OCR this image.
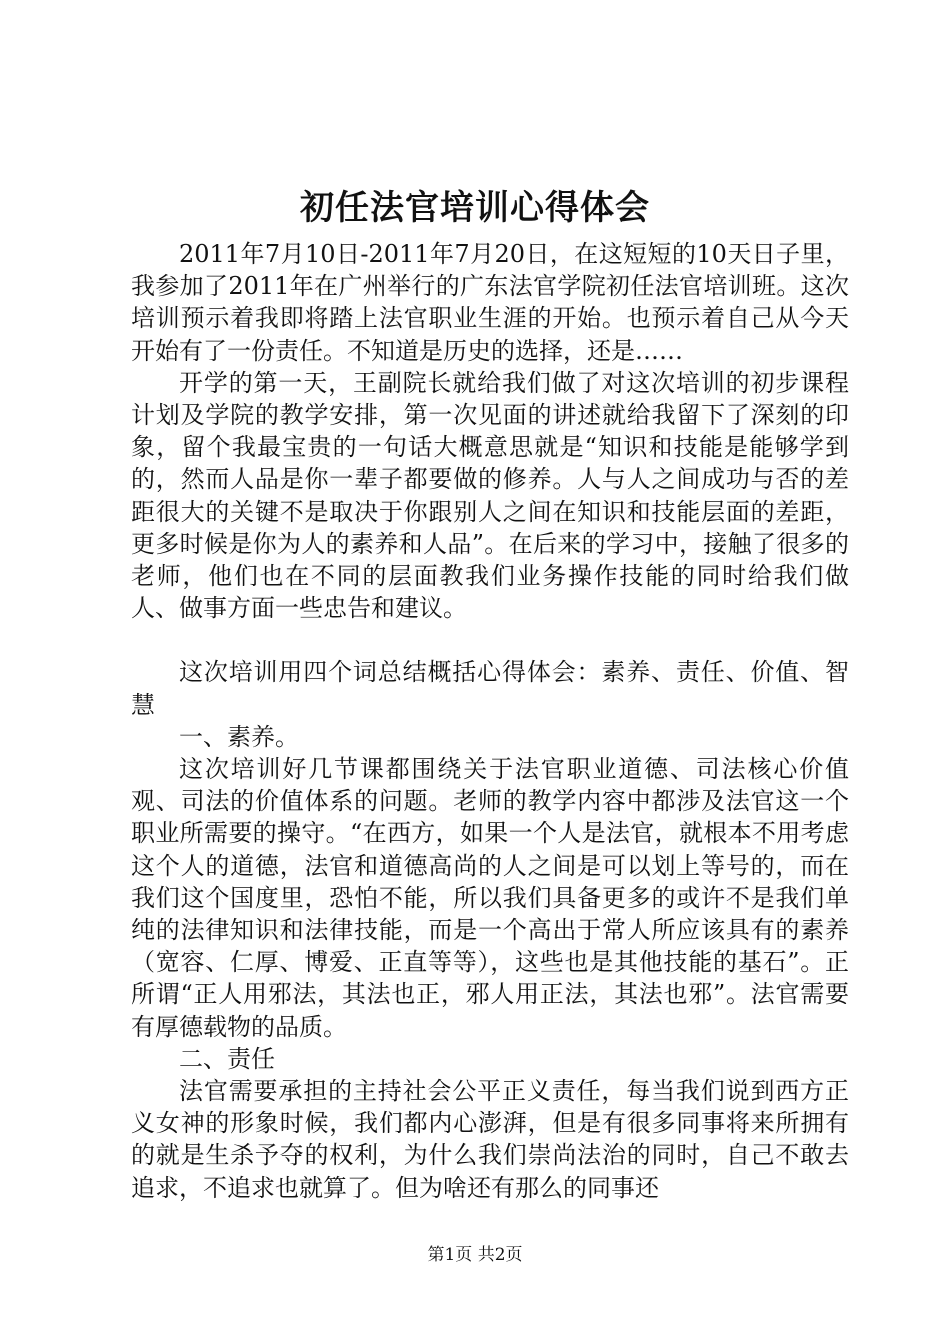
初任法官培训心得体会

2011年7月10日-2011年7月20日，在这短短的10天日子里，我参加了2011年在广州举行的广东法官学院初任法官培训班。这次培训预示着我即将踏上法官职业生涯的开始。也预示着自己从今天开始有了一份责任。不知道是历史的选择，还是……

开学的第一天，王副院长就给我们做了对这次培训的初步课程计划及学院的教学安排，第一次见面的讲述就给我留下了深刻的印象，留个我最宝贵的一句话大概意思就是“知识和技能是能够学到的，然而人品是你一辈子都要做的修养。人与人之间成功与否的差距很大的关键不是取决于你跟别人之间在知识和技能层面的差距，更多时候是你为人的素养和人品”。在后来的学习中，接触了很多的老师，他们也在不同的层面教我们业务操作技能的同时给我们做人、做事方面一些忠告和建议。

这次培训用四个词总结概括心得体会：素养、责任、价值、智慧

一、素养。

这次培训好几节课都围绕关于法官职业道德、司法核心价值观、司法的价值体系的问题。老师的教学内容中都涉及法官这一个职业所需要的操守。“在西方，如果一个人是法官，就根本不用考虑这个人的道德，法官和道德高尚的人之间是可以划上等号的，而在我们这个国度里，恐怕不能，所以我们具备更多的或许不是我们单纯的法律知识和法律技能，而是一个高出于常人所应该具有的素养（宽容、仁厚、博爱、正直等等），这些也是其他技能的基石”。正所谓“正人用邪法，其法也正，邪人用正法，其法也邪”。法官需要有厚德载物的品质。

二、责任

法官需要承担的主持社会公平正义责任，每当我们说到西方正义女神的形象时候，我们都内心澎湃，但是有很多同事将来所拥有的就是生杀予夺的权利，为什么我们崇尚法治的同时，自己不敢去追求，不追求也就算了。但为啥还有那么的同事还

第1页 共2页
